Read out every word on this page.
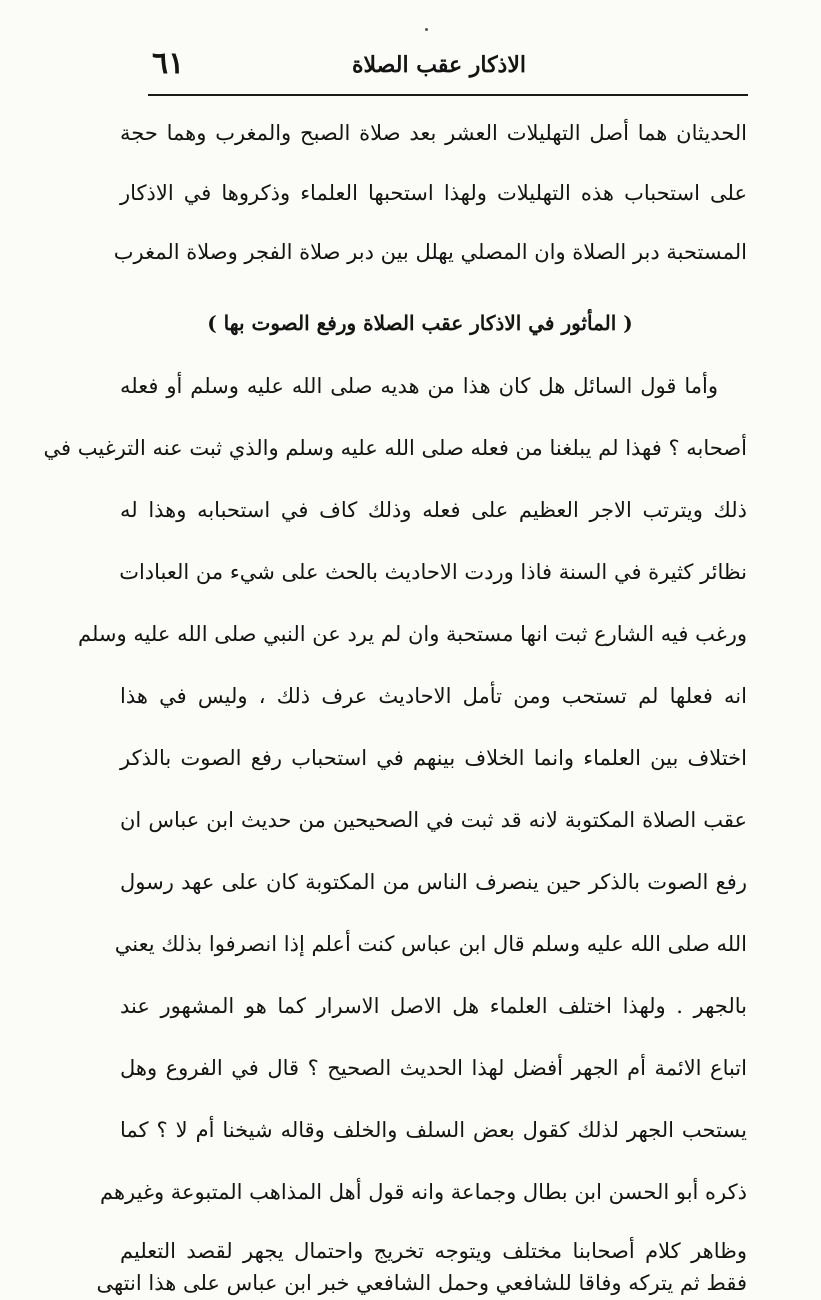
الاذكار عقب الصلاة
٦١
الحديثان هما أصل التهليلات العشر بعد صلاة الصبح والمغرب وهما حجة
على استحباب هذه التهليلات ولهذا استحبها العلماء وذكروها في الاذكار
المستحبة دبر الصلاة وان المصلي يهلل بين دبر صلاة الفجر وصلاة المغرب
( المأثور في الاذكار عقب الصلاة ورفع الصوت بها )
وأما قول السائل هل كان هذا من هديه صلى الله عليه وسلم أو فعله
أصحابه ؟ فهذا لم يبلغنا من فعله صلى الله عليه وسلم والذي ثبت عنه الترغيب في
ذلك ويترتب الاجر العظيم على فعله وذلك كاف في استحبابه وهذا له
نظائر كثيرة في السنة فاذا وردت الاحاديث بالحث على شيء من العبادات
ورغب فيه الشارع ثبت انها مستحبة وان لم يرد عن النبي صلى الله عليه وسلم
انه فعلها لم تستحب ومن تأمل الاحاديث عرف ذلك ، وليس في هذا
اختلاف بين العلماء وانما الخلاف بينهم في استحباب رفع الصوت بالذكر
عقب الصلاة المكتوبة لانه قد ثبت في الصحيحين من حديث ابن عباس ان
رفع الصوت بالذكر حين ينصرف الناس من المكتوبة كان على عهد رسول
الله صلى الله عليه وسلم قال ابن عباس كنت أعلم إذا انصرفوا بذلك يعني
بالجهر . ولهذا اختلف العلماء هل الاصل الاسرار كما هو المشهور عند
اتباع الائمة أم الجهر أفضل لهذا الحديث الصحيح ؟ قال في الفروع وهل
يستحب الجهر لذلك كقول بعض السلف والخلف وقاله شيخنا أم لا ؟ كما
ذكره أبو الحسن ابن بطال وجماعة وانه قول أهل المذاهب المتبوعة وغيرهم
وظاهر كلام أصحابنا مختلف ويتوجه تخريج واحتمال يجهر لقصد التعليم
فقط ثم يتركه وفاقا للشافعي وحمل الشافعي خبر ابن عباس على هذا انتهى
